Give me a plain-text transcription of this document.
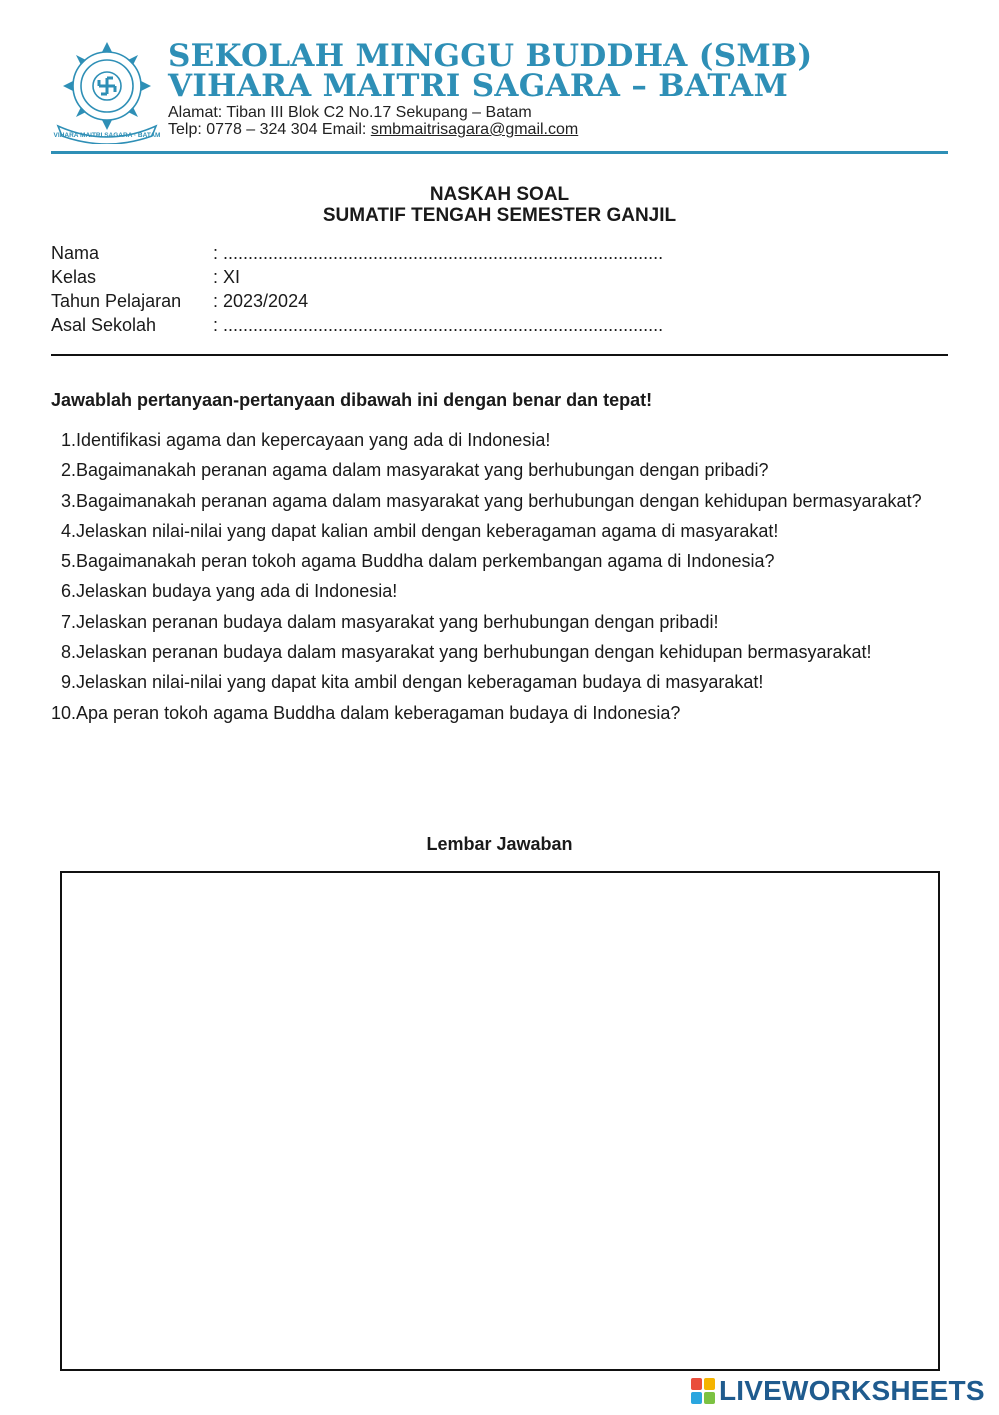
VIHARA MAITRI SAGARA · BATAM
SEKOLAH MINGGU BUDDHA (SMB)
VIHARA MAITRI SAGARA – BATAM
Alamat: Tiban III Blok C2 No.17 Sekupang – Batam
Telp: 0778 – 324 304 Email: smbmaitrisagara@gmail.com
NASKAH SOAL
SUMATIF TENGAH SEMESTER GANJIL
Nama	: ........................................................................................
Kelas	: XI
Tahun Pelajaran	: 2023/2024
Asal Sekolah	: ........................................................................................
Jawablah pertanyaan-pertanyaan dibawah ini dengan benar dan tepat!
1. Identifikasi agama dan kepercayaan yang ada di Indonesia!
2. Bagaimanakah peranan agama dalam masyarakat yang berhubungan dengan pribadi?
3. Bagaimanakah peranan agama dalam masyarakat yang berhubungan dengan kehidupan bermasyarakat?
4. Jelaskan nilai-nilai yang dapat kalian ambil dengan keberagaman agama di masyarakat!
5. Bagaimanakah peran tokoh agama Buddha dalam perkembangan agama di Indonesia?
6. Jelaskan budaya yang ada di Indonesia!
7. Jelaskan peranan budaya dalam masyarakat yang berhubungan dengan pribadi!
8. Jelaskan peranan budaya dalam masyarakat yang berhubungan dengan kehidupan bermasyarakat!
9. Jelaskan nilai-nilai yang dapat kita ambil dengan keberagaman budaya di masyarakat!
10. Apa peran tokoh agama Buddha dalam keberagaman budaya di Indonesia?
Lembar Jawaban
LIVEWORKSHEETS
